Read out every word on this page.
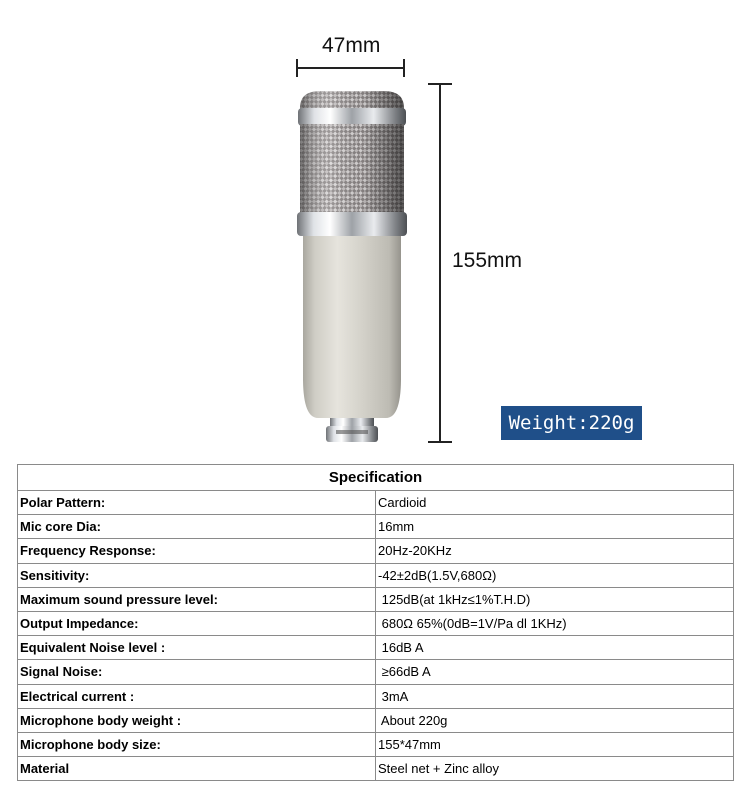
47mm
155mm
Weight:220g
Specification	
Polar Pattern:	Cardioid
Mic core Dia:	16mm
Frequency Response:	20Hz-20KHz
Sensitivity:	-42±2dB(1.5V,680Ω)
Maximum sound pressure level:	125dB(at 1kHz≤1%T.H.D)
Output Impedance:	680Ω 65%(0dB=1V/Pa dl 1KHz)
Equivalent Noise level :	16dB A
Signal Noise:	≥66dB A
Electrical current :	3mA
Microphone body weight :	About 220g
Microphone body size:	155*47mm
Material	Steel net + Zinc alloy
